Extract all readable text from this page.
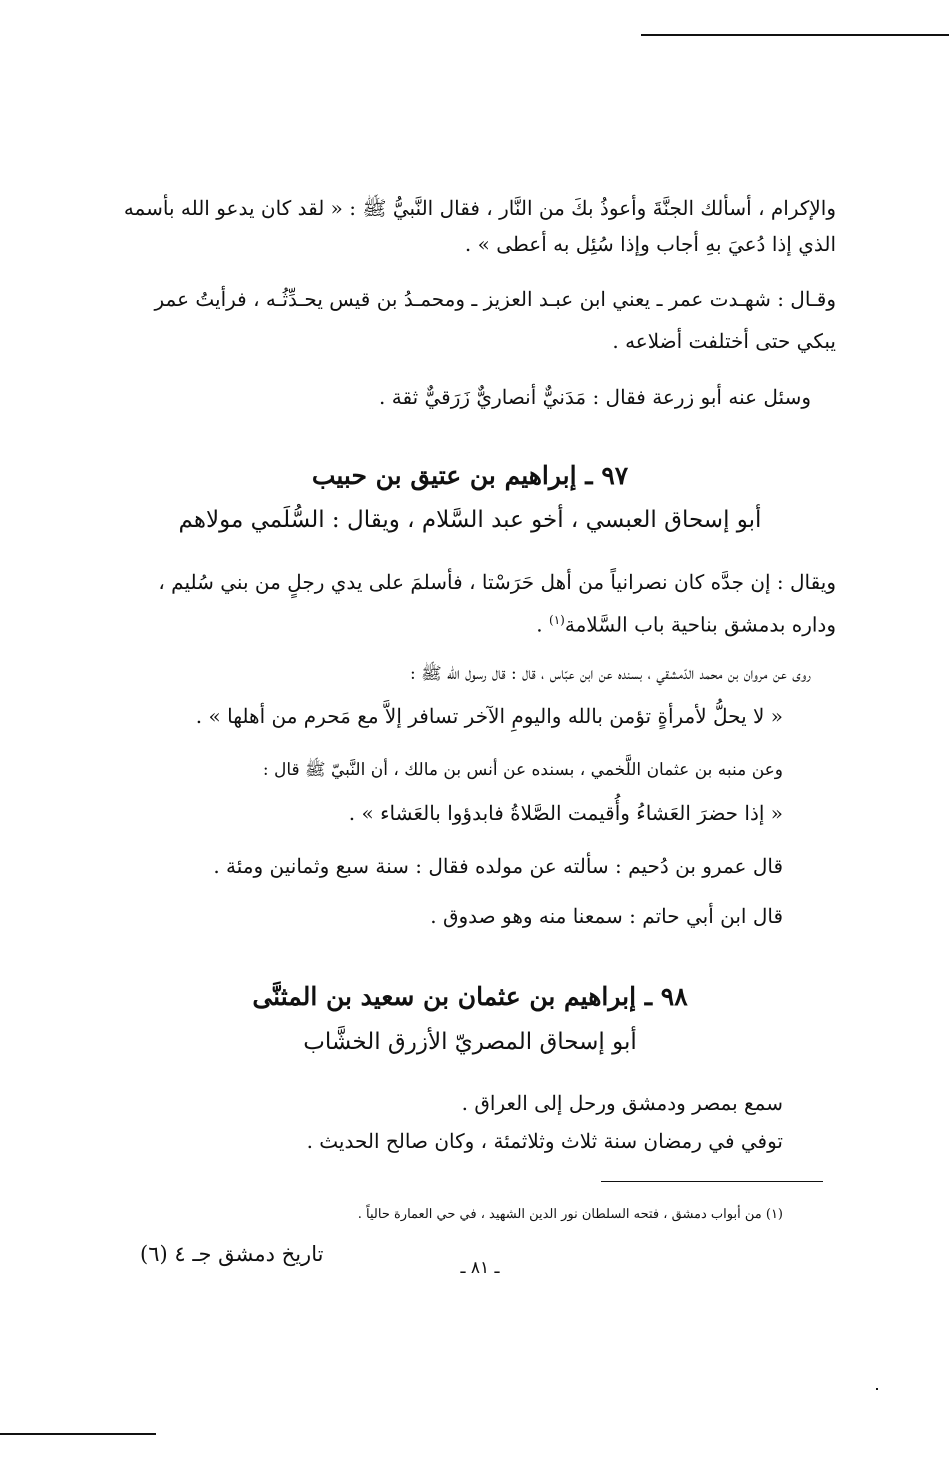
والإكرام ، أسألك الجنَّةَ وأعوذُ بكَ من النَّار ، فقال النَّبيُّ ﷺ : « لقد كان يدعو الله بأسمه
الذي إذا دُعيَ بهِ أجاب وإذا سُئِل به أعطى » .
وقـال : شهـدت عمر ـ يعني ابن عبـد العزيز ـ ومحمـدُ بن قيس يحـدِّثُـه ، فرأيتُ عمر
يبكي حتى أختلفت أضلاعه .
وسئل عنه أبو زرعة فقال : مَدَنيٌّ أنصاريٌّ زَرَقيٌّ ثقة .
٩٧ ـ إبراهيم بن عتيق بن حبيب
أبو إسحاق العبسي ، أخو عبد السَّلام ، ويقال : السُّلَمي مولاهم
ويقال : إن جدَّه كان نصرانياً من أهل حَرَسْتا ، فأسلمَ على يدي رجلٍ من بني سُليم ،
وداره بدمشق بناحية باب السَّلامة$^{(١)}$ .
روى عن مروان بن محمد الدّمشقي ، بسنده عن ابن عبّاس ، قال : قال رسول الله ﷺ :
« لا يحلُّ لأمرأةٍ تؤمن بالله واليومِ الآخر تسافر إلاَّ مع مَحرم من أهلها » .
وعن منبه بن عثمان اللَّخمي ، بسنده عن أنس بن مالك ، أن النَّبيّ ﷺ قال :
« إذا حضرَ العَشاءُ وأُقيمت الصَّلاةُ فابدؤوا بالعَشاء » .
قال عمرو بن دُحيم : سألته عن مولده فقال : سنة سبع وثمانين ومئة .
قال ابن أبي حاتم : سمعنا منه وهو صدوق .
٩٨ ـ إبراهيم بن عثمان بن سعيد بن المثنَّى
أبو إسحاق المصريّ الأزرق الخشَّاب
سمع بمصر ودمشق ورحل إلى العراق .
توفي في رمضان سنة ثلاث وثلاثمئة ، وكان صالح الحديث .
(١) من أبواب دمشق ، فتحه السلطان نور الدين الشهيد ، في حي العمارة حالياً .
تاريخ دمشق جـ ٤ (٦)
ـ ٨١ ـ
